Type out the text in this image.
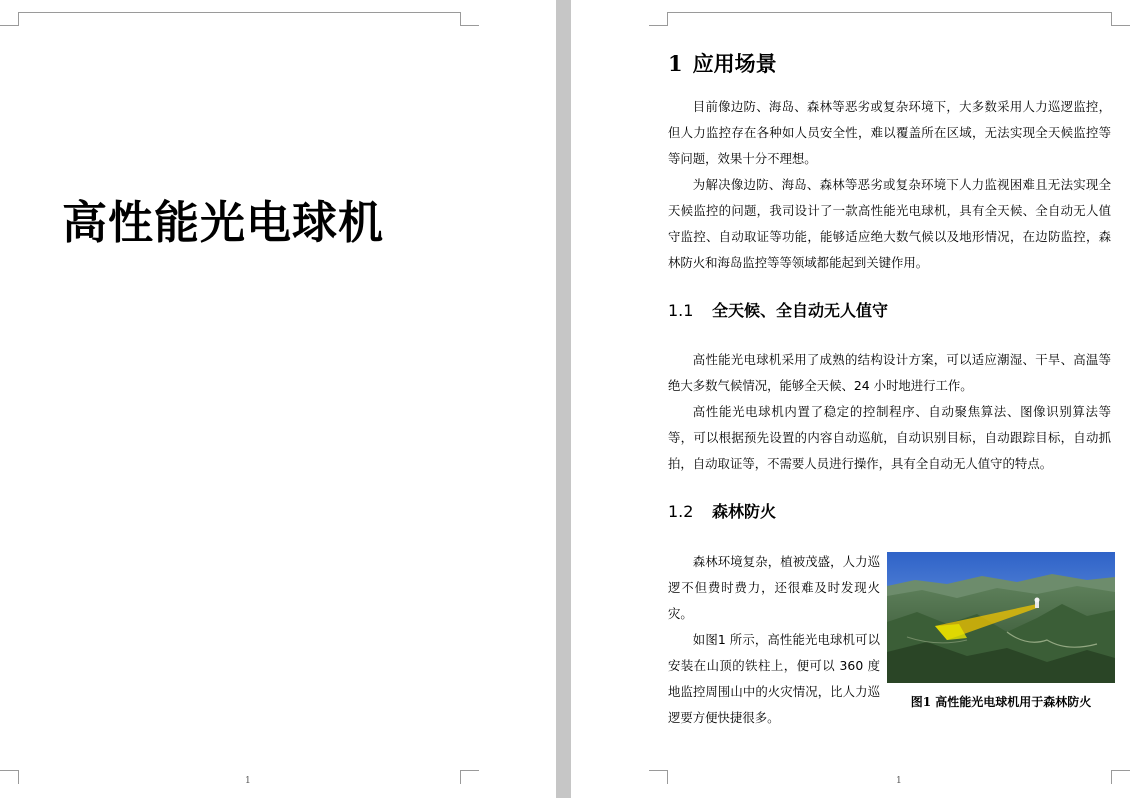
高性能光电球机
1
1 应用场景

目前像边防、海岛、森林等恶劣或复杂环境下，大多数采用人力巡逻监控，但人力监控存在各种如人员安全性，难以覆盖所在区域，无法实现全天候监控等等问题，效果十分不理想。

为解决像边防、海岛、森林等恶劣或复杂环境下人力监视困难且无法实现全天候监控的问题，我司设计了一款高性能光电球机，具有全天候、全自动无人值守监控、自动取证等功能，能够适应绝大数气候以及地形情况，在边防监控，森林防火和海岛监控等等领域都能起到关键作用。

1.1 全天候、全自动无人值守

高性能光电球机采用了成熟的结构设计方案，可以适应潮湿、干旱、高温等绝大多数气候情况，能够全天候、24 小时地进行工作。

高性能光电球机内置了稳定的控制程序、自动聚焦算法、图像识别算法等等，可以根据预先设置的内容自动巡航，自动识别目标，自动跟踪目标，自动抓拍，自动取证等，不需要人员进行操作，具有全自动无人值守的特点。

1.2 森林防火

森林环境复杂，植被茂盛，人力巡逻不但费时费力，还很难及时发现火灾。

如图1 所示，高性能光电球机可以安装在山顶的铁柱上，便可以 360 度地监控周围山中的火灾情况，比人力巡逻要方便快捷很多。

图1 高性能光电球机用于森林防火
1
